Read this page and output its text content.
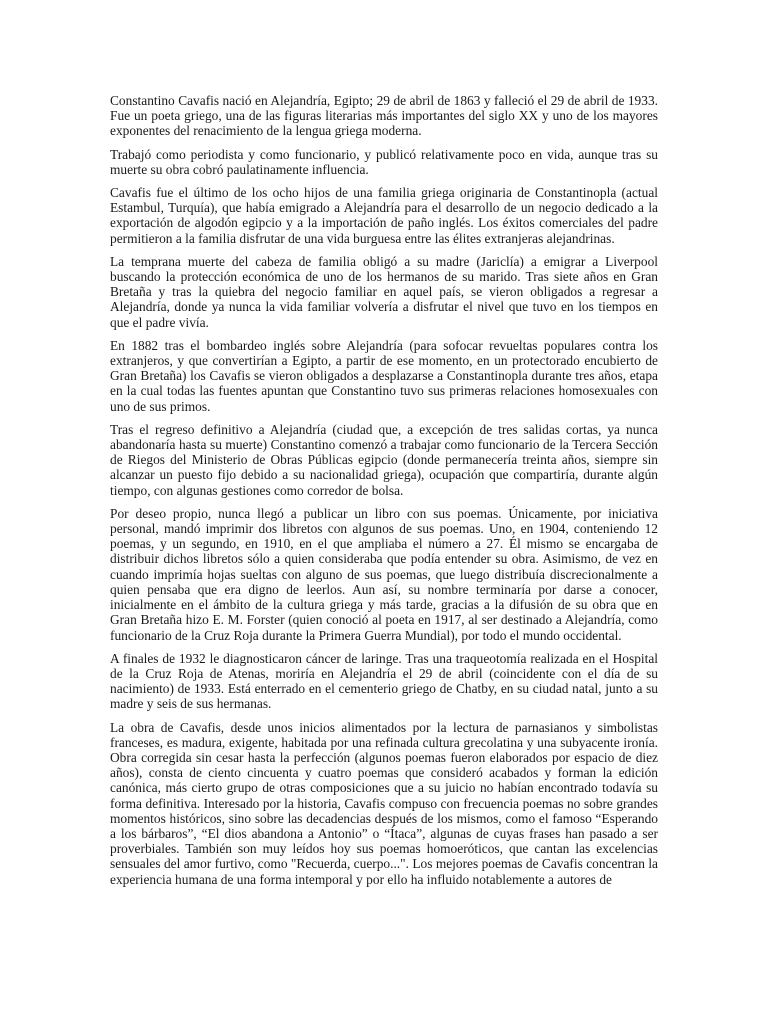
Constantino Cavafis nació en Alejandría, Egipto; 29 de abril de 1863 y falleció el 29 de abril de 1933. Fue un poeta griego, una de las figuras literarias más importantes del siglo XX y uno de los mayores exponentes del renacimiento de la lengua griega moderna.

Trabajó como periodista y como funcionario, y publicó relativamente poco en vida, aunque tras su muerte su obra cobró paulatinamente influencia.

Cavafis fue el último de los ocho hijos de una familia griega originaria de Constantinopla (actual Estambul, Turquía), que había emigrado a Alejandría para el desarrollo de un negocio dedicado a la exportación de algodón egipcio y a la importación de paño inglés. Los éxitos comerciales del padre permitieron a la familia disfrutar de una vida burguesa entre las élites extranjeras alejandrinas.

La temprana muerte del cabeza de familia obligó a su madre (Jariclía) a emigrar a Liverpool buscando la protección económica de uno de los hermanos de su marido. Tras siete años en Gran Bretaña y tras la quiebra del negocio familiar en aquel país, se vieron obligados a regresar a Alejandría, donde ya nunca la vida familiar volvería a disfrutar el nivel que tuvo en los tiempos en que el padre vivía.

En 1882 tras el bombardeo inglés sobre Alejandría (para sofocar revueltas populares contra los extranjeros, y que convertirían a Egipto, a partir de ese momento, en un protectorado encubierto de Gran Bretaña) los Cavafis se vieron obligados a desplazarse a Constantinopla durante tres años, etapa en la cual todas las fuentes apuntan que Constantino tuvo sus primeras relaciones homosexuales con uno de sus primos.

Tras el regreso definitivo a Alejandría (ciudad que, a excepción de tres salidas cortas, ya nunca abandonaría hasta su muerte) Constantino comenzó a trabajar como funcionario de la Tercera Sección de Riegos del Ministerio de Obras Públicas egipcio (donde permanecería treinta años, siempre sin alcanzar un puesto fijo debido a su nacionalidad griega), ocupación que compartiría, durante algún tiempo, con algunas gestiones como corredor de bolsa.

Por deseo propio, nunca llegó a publicar un libro con sus poemas. Únicamente, por iniciativa personal, mandó imprimir dos libretos con algunos de sus poemas. Uno, en 1904, conteniendo 12 poemas, y un segundo, en 1910, en el que ampliaba el número a 27. Él mismo se encargaba de distribuir dichos libretos sólo a quien consideraba que podía entender su obra. Asimismo, de vez en cuando imprimía hojas sueltas con alguno de sus poemas, que luego distribuía discrecionalmente a quien pensaba que era digno de leerlos. Aun así, su nombre terminaría por darse a conocer, inicialmente en el ámbito de la cultura griega y más tarde, gracias a la difusión de su obra que en Gran Bretaña hizo E. M. Forster (quien conoció al poeta en 1917, al ser destinado a Alejandría, como funcionario de la Cruz Roja durante la Primera Guerra Mundial), por todo el mundo occidental.

A finales de 1932 le diagnosticaron cáncer de laringe. Tras una traqueotomía realizada en el Hospital de la Cruz Roja de Atenas, moriría en Alejandría el 29 de abril (coincidente con el día de su nacimiento) de 1933. Está enterrado en el cementerio griego de Chatby, en su ciudad natal, junto a su madre y seis de sus hermanas.

La obra de Cavafis, desde unos inicios alimentados por la lectura de parnasianos y simbolistas franceses, es madura, exigente, habitada por una refinada cultura grecolatina y una subyacente ironía. Obra corregida sin cesar hasta la perfección (algunos poemas fueron elaborados por espacio de diez años), consta de ciento cincuenta y cuatro poemas que consideró acabados y forman la edición canónica, más cierto grupo de otras composiciones que a su juicio no habían encontrado todavía su forma definitiva. Interesado por la historia, Cavafis compuso con frecuencia poemas no sobre grandes momentos históricos, sino sobre las decadencias después de los mismos, como el famoso “Esperando a los bárbaros”, “El dios abandona a Antonio” o “Ítaca”, algunas de cuyas frases han pasado a ser proverbiales. También son muy leídos hoy sus poemas homoeróticos, que cantan las excelencias sensuales del amor furtivo, como "Recuerda, cuerpo...". Los mejores poemas de Cavafis concentran la experiencia humana de una forma intemporal y por ello ha influido notablemente a autores de
